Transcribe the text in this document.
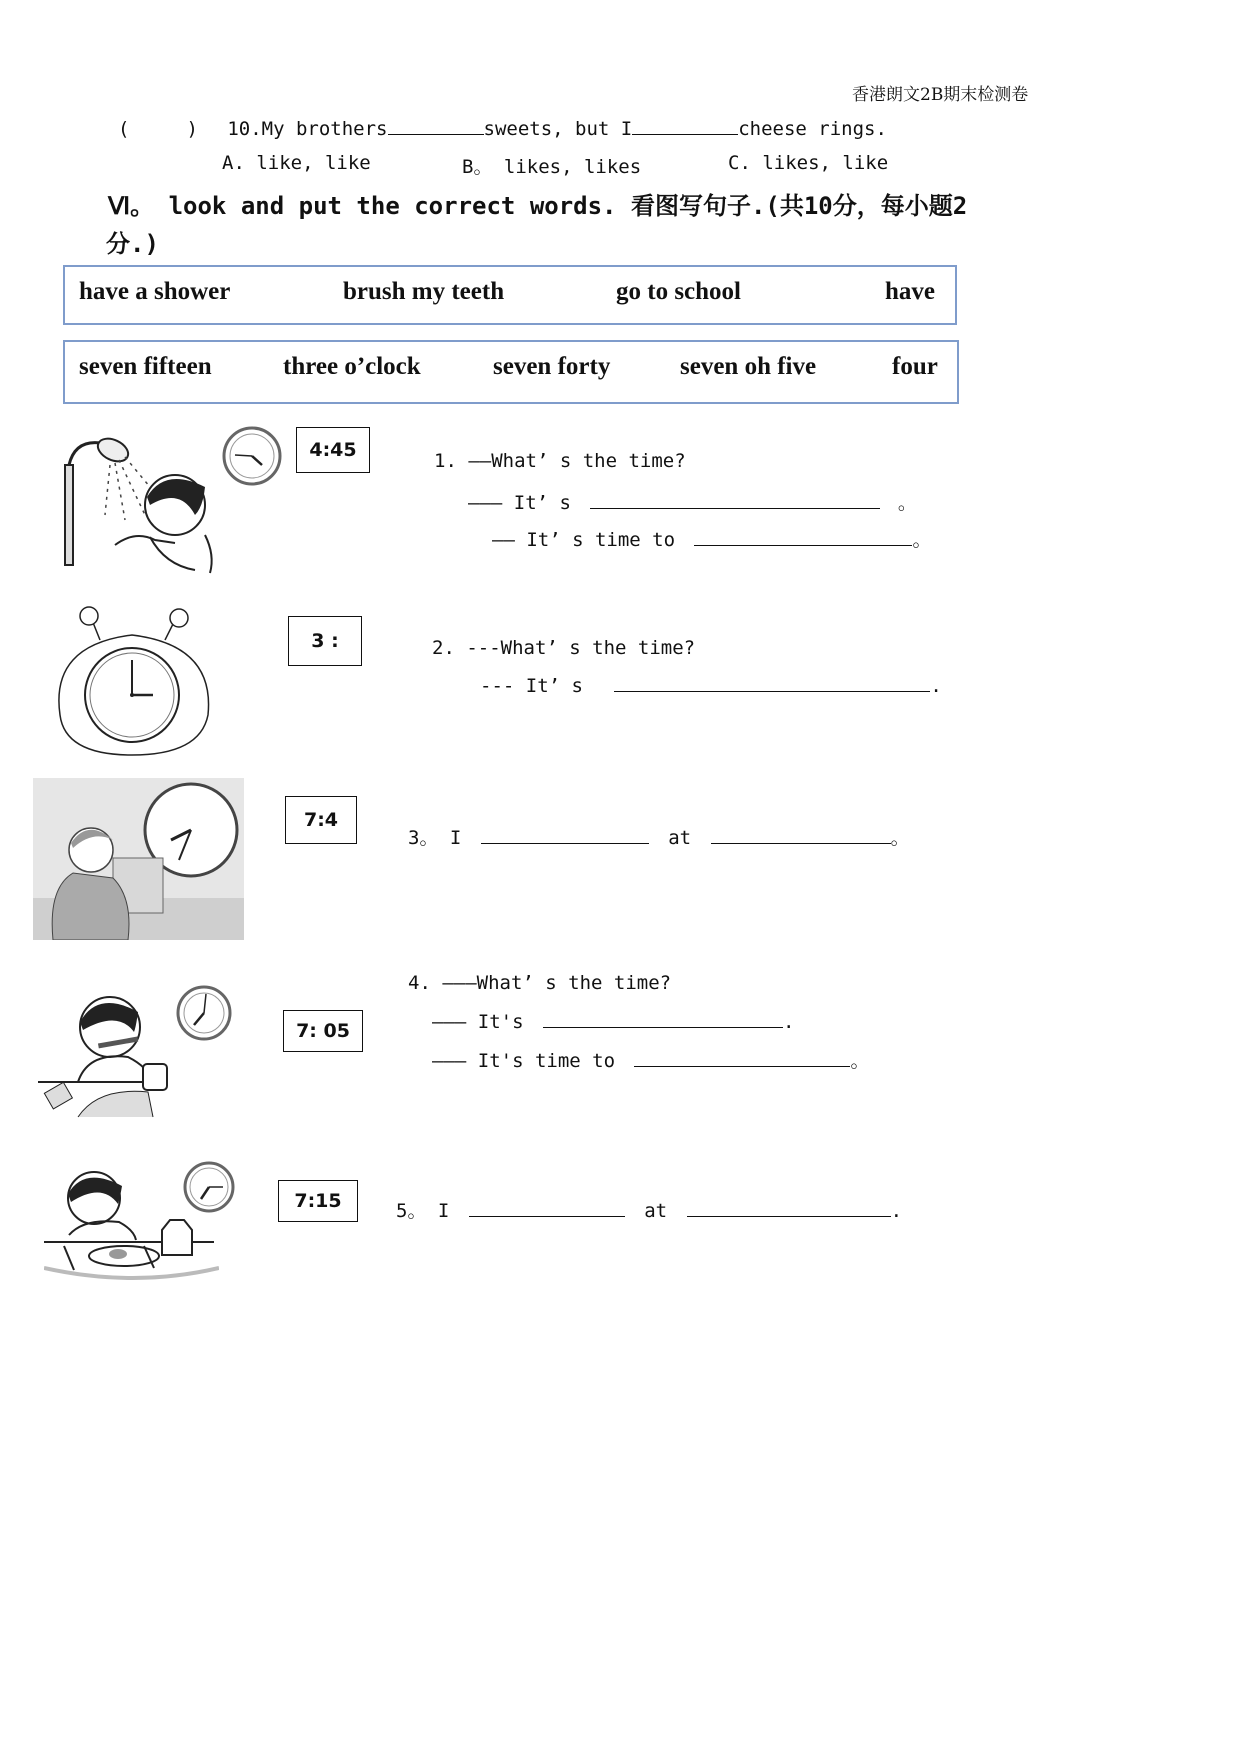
香港朗文2B期末检测卷
(　　　) 10.My brothers	sweets, but I	cheese rings.
A. like, like	B。 likes, likes	C. likes, like
Ⅵ。 look and put the correct words. 看图写句子.(共10分，每小题2
分.)
have a shower	brush my teeth	go to school	have
seven fifteen	three o’clock	seven forty	seven oh five	four
4:45	1. ——What’ s the time?
——— It’ s	。
—— It’ s time to	。
3 :	2. ---What’ s the time?
--- It’ s	.
7:4
3。 I	at	。
7: 05
4. ———What’ s the time?
——— It's	.
——— It's time to	。
7:15	5。 I	at	.
